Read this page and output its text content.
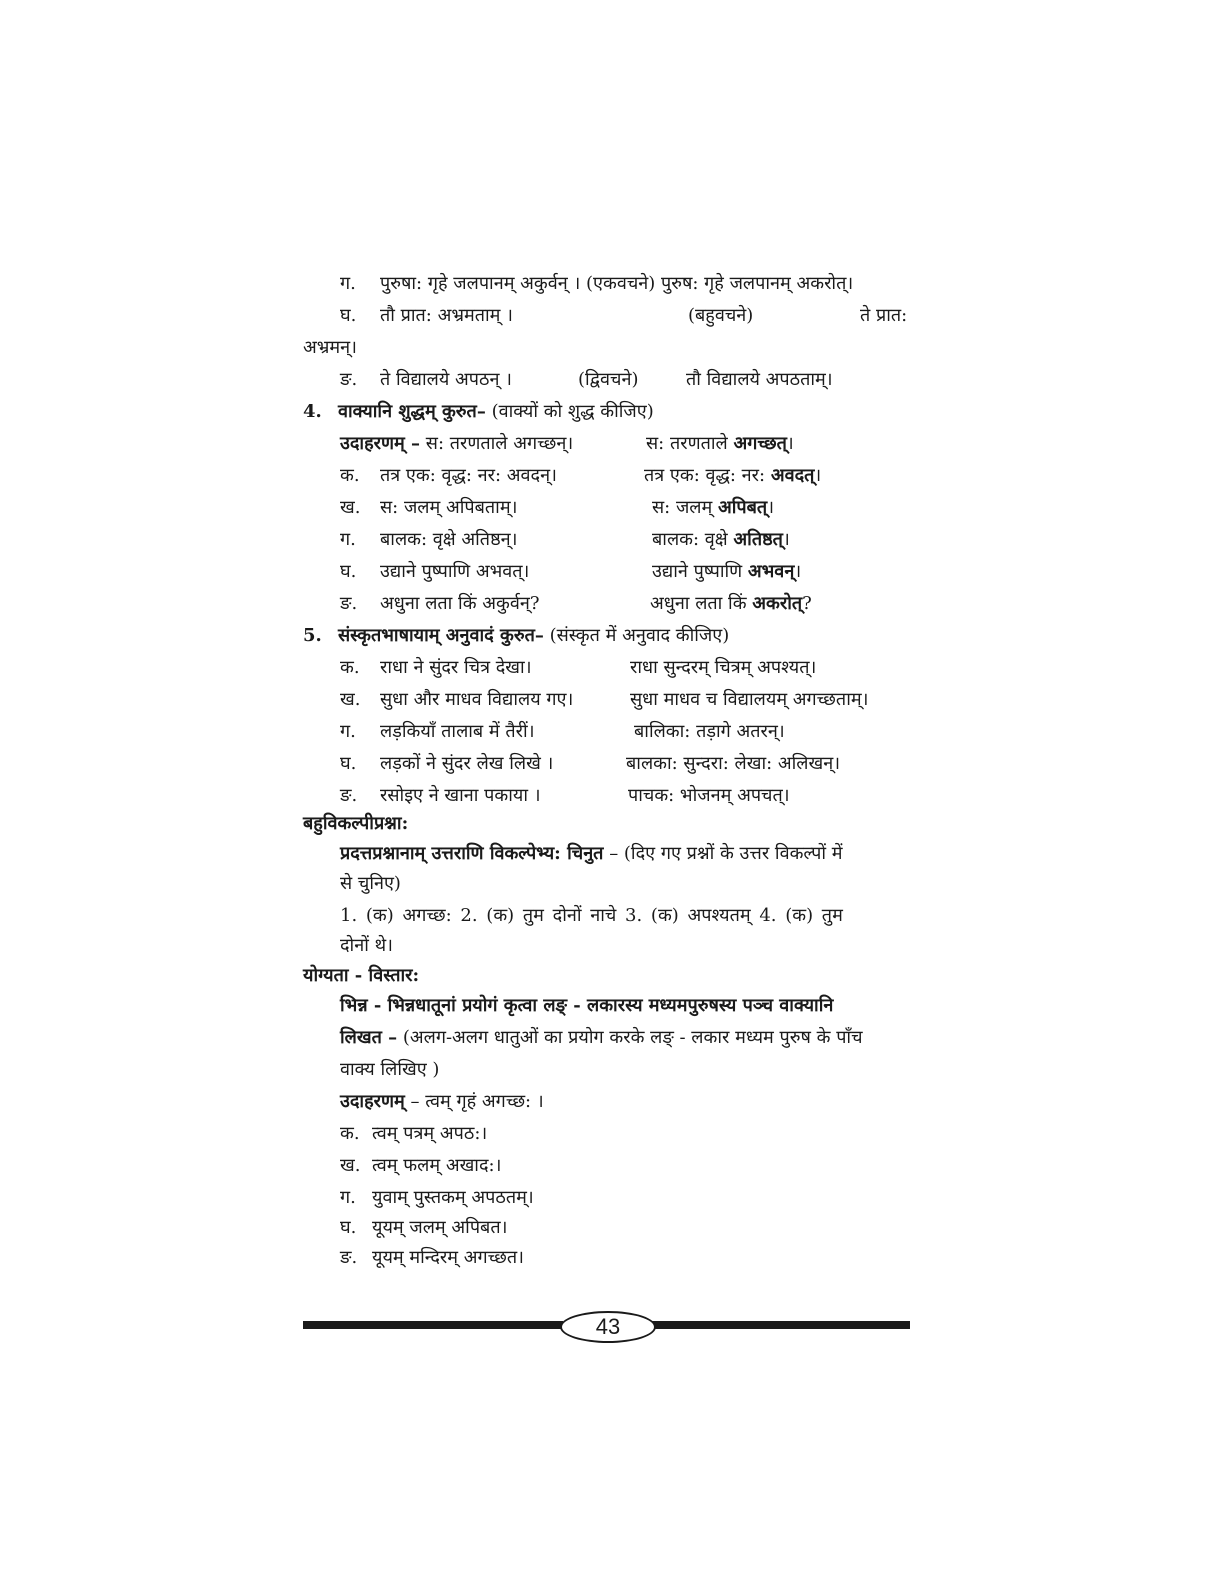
ग. पुरुषा: गृहे जलपानम् अकुर्वन् । (एकवचने) पुरुष: गृहे जलपानम् अकरोत्।
घ. तौ प्रात: अभ्रमताम् ।	(बहुवचने)	ते प्रात:
अभ्रमन्।
ङ. ते विद्यालये अपठन् ।	(द्विवचने)	तौ विद्यालये अपठताम्।
4. वाक्यानि शुद्धम् कुरुत– (वाक्यों को शुद्ध कीजिए)
उदाहरणम् – स: तरणताले अगच्छन्।	स: तरणताले अगच्छत्।
क. तत्र एक: वृद्ध: नर: अवदन्।	तत्र एक: वृद्ध: नर: अवदत्।
ख. स: जलम् अपिबताम्।	स: जलम् अपिबत्।
ग. बालक: वृक्षे अतिष्ठन्।	बालक: वृक्षे अतिष्ठत्।
घ. उद्याने पुष्पाणि अभवत्।	उद्याने पुष्पाणि अभवन्।
ङ. अधुना लता किं अकुर्वन्?	अधुना लता किं अकरोत्?
5. संस्कृतभाषायाम् अनुवादं कुरुत– (संस्कृत में अनुवाद कीजिए)
क. राधा ने सुंदर चित्र देखा।	राधा सुन्दरम् चित्रम् अपश्यत्।
ख. सुधा और माधव विद्यालय गए।	सुधा माधव च विद्यालयम् अगच्छताम्।
ग. लड़कियाँ तालाब में तैरीं।	बालिका: तड़ागे अतरन्।
घ. लड़कों ने सुंदर लेख लिखे ।	बालका: सुन्दरा: लेखा: अलिखन्।
ङ. रसोइए ने खाना पकाया ।	पाचक: भोजनम् अपचत्।
बहुविकल्पीप्रश्ना:
प्रदत्तप्रश्नानाम् उत्तराणि विकल्पेभ्य: चिनुत – (दिए गए प्रश्नों के उत्तर विकल्पों में
से चुनिए)
1. (क) अगच्छ: 2. (क) तुम दोनों नाचे 3. (क) अपश्यतम् 4. (क) तुम
दोनों थे।
योग्यता - विस्तार:
भिन्न - भिन्नधातूनां प्रयोगं कृत्वा लङ् - लकारस्य मध्यमपुरुषस्य पञ्च वाक्यानि
लिखत – (अलग-अलग धातुओं का प्रयोग करके लङ् - लकार मध्यम पुरुष के पाँच
वाक्य लिखिए )
उदाहरणम् – त्वम् गृहं अगच्छ: ।
क. त्वम् पत्रम् अपठ:।
ख. त्वम् फलम् अखाद:।
ग. युवाम् पुस्तकम् अपठतम्।
घ. यूयम् जलम् अपिबत।
ङ. यूयम् मन्दिरम् अगच्छत।
43
